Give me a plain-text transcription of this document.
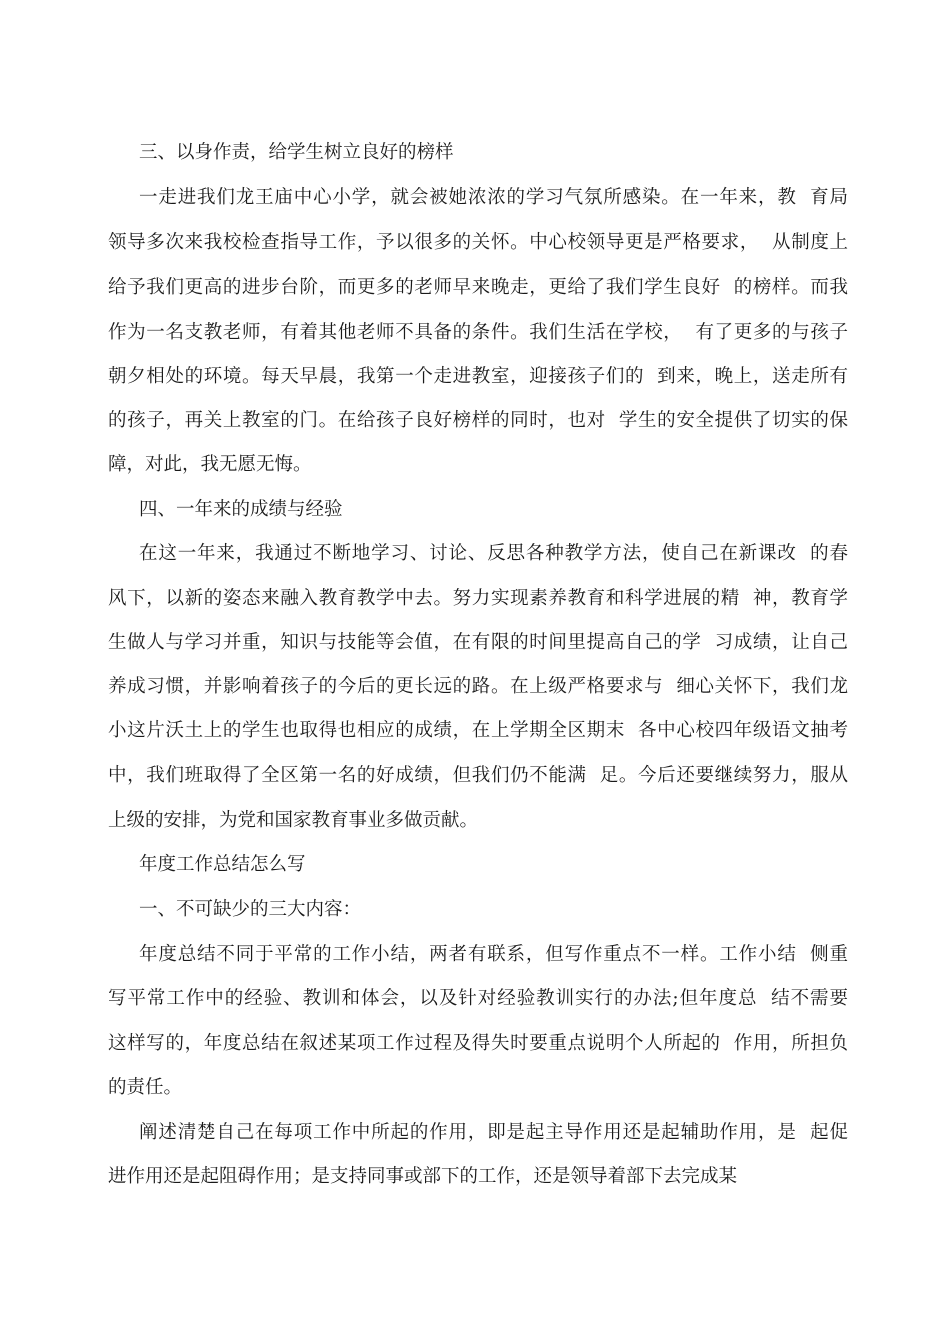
三、以身作责，给学生树立良好的榜样
一走进我们龙王庙中心小学，就会被她浓浓的学习气氛所感染。在一年来，教  育局
领导多次来我校检查指导工作，予以很多的关怀。中心校领导更是严格要求，  从制度上
给予我们更高的进步台阶，而更多的老师早来晚走，更给了我们学生良好  的榜样。而我
作为一名支教老师，有着其他老师不具备的条件。我们生活在学校，  有了更多的与孩子
朝夕相处的环境。每天早晨，我第一个走进教室，迎接孩子们的  到来，晚上，送走所有
的孩子，再关上教室的门。在给孩子良好榜样的同时，也对  学生的安全提供了切实的保
障，对此，我无愿无悔。
四、一年来的成绩与经验
在这一年来，我通过不断地学习、讨论、反思各种教学方法，使自己在新课改  的春
风下，以新的姿态来融入教育教学中去。努力实现素养教育和科学进展的精  神，教育学
生做人与学习并重，知识与技能等会值，在有限的时间里提高自己的学  习成绩，让自己
养成习惯，并影响着孩子的今后的更长远的路。在上级严格要求与  细心关怀下，我们龙
小这片沃土上的学生也取得也相应的成绩，在上学期全区期末  各中心校四年级语文抽考
中，我们班取得了全区第一名的好成绩，但我们仍不能满  足。今后还要继续努力，服从
上级的安排，为党和国家教育事业多做贡献。
年度工作总结怎么写
一、不可缺少的三大内容：
年度总结不同于平常的工作小结，两者有联系，但写作重点不一样。工作小结  侧重
写平常工作中的经验、教训和体会，以及针对经验教训实行的办法;但年度总  结不需要
这样写的，年度总结在叙述某项工作过程及得失时要重点说明个人所起的  作用，所担负
的责任。
阐述清楚自己在每项工作中所起的作用，即是起主导作用还是起辅助作用，是  起促
进作用还是起阻碍作用；是支持同事或部下的工作，还是领导着部下去完成某
